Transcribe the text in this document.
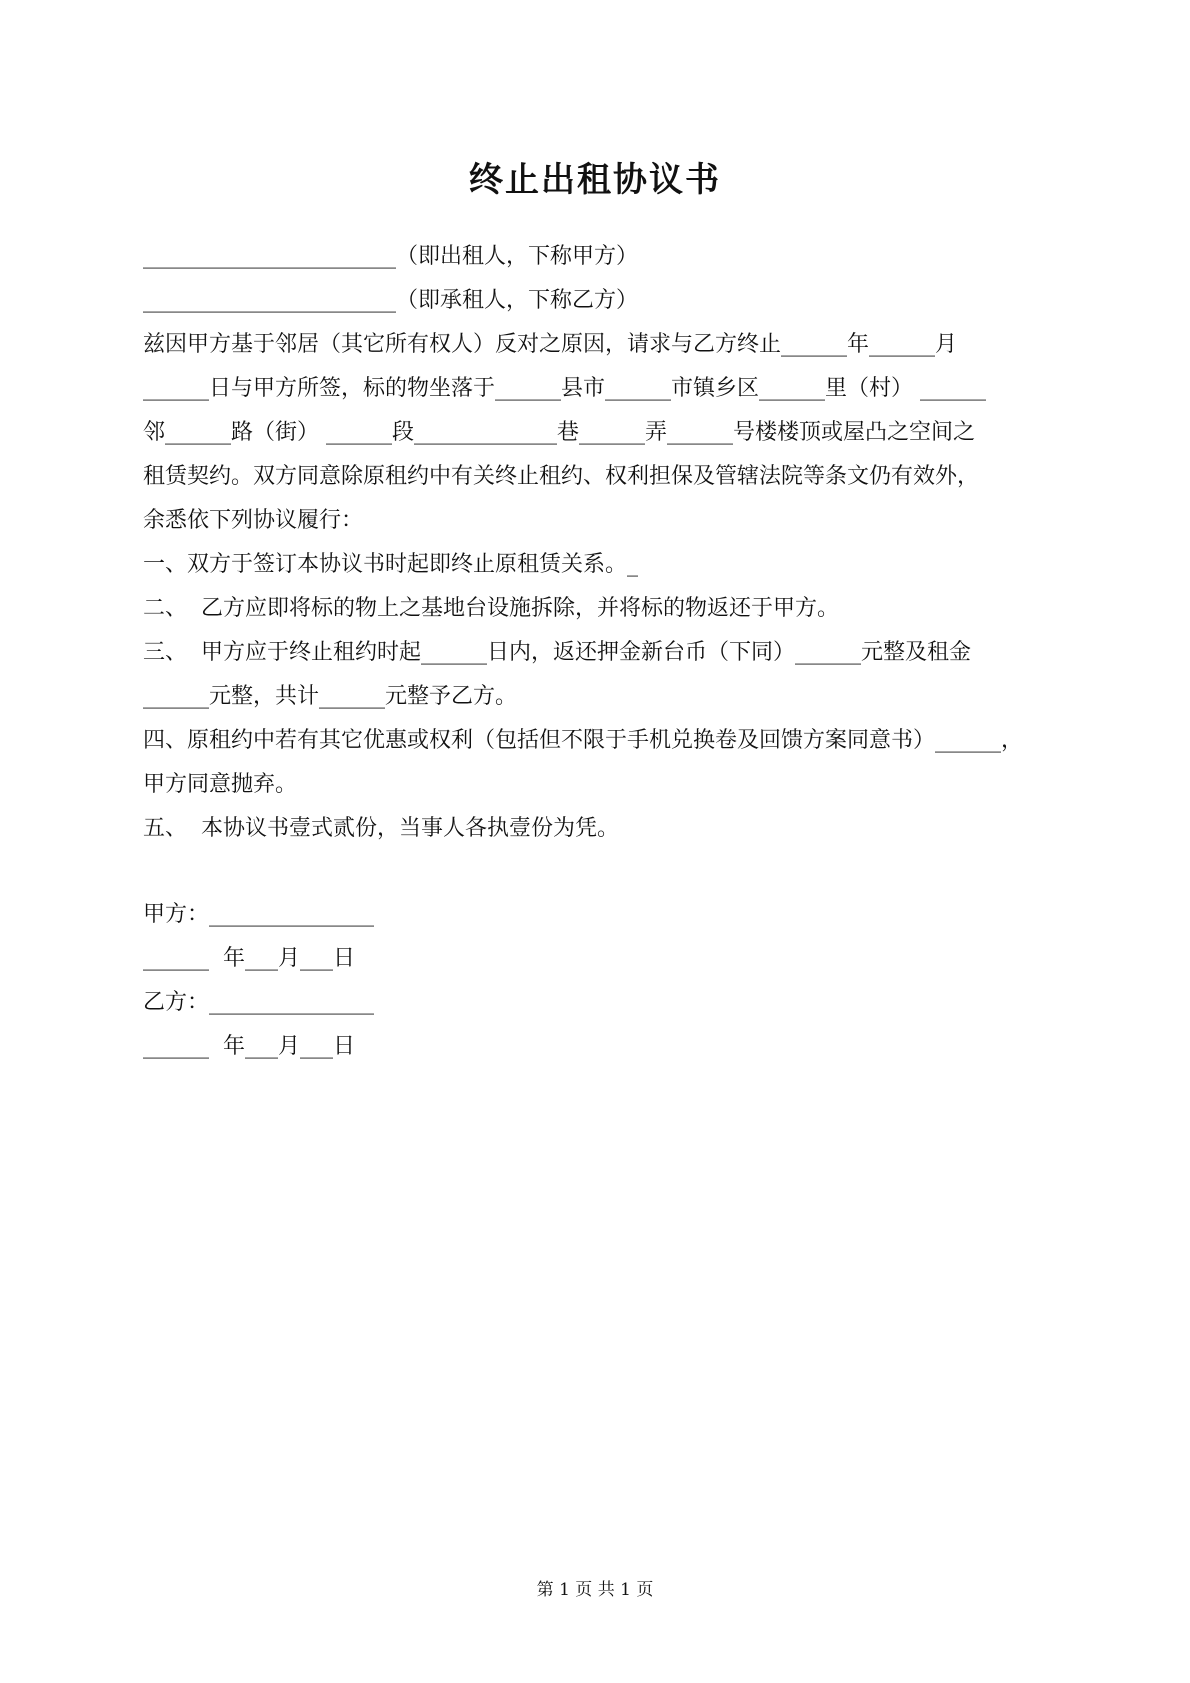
终止出租协议书
_______________________（即出租人，下称甲方）
_______________________（即承租人，下称乙方）
兹因甲方基于邻居（其它所有权人）反对之原因，请求与乙方终止______年______月
______日与甲方所签，标的物坐落于______县市______市镇乡区______里（村） ______
邻______路（街） ______段_____________巷______弄______号楼楼顶或屋凸之空间之
租赁契约。双方同意除原租约中有关终止租约、权利担保及管辖法院等条文仍有效外，
余悉依下列协议履行：
一、双方于签订本协议书时起即终止原租赁关系。_
二、  乙方应即将标的物上之基地台设施拆除，并将标的物返还于甲方。
三、  甲方应于终止租约时起______日内，返还押金新台币（下同）______元整及租金
______元整，共计______元整予乙方。
四、原租约中若有其它优惠或权利（包括但不限于手机兑换卷及回馈方案同意书）______，
甲方同意抛弃。
五、  本协议书壹式贰份，当事人各执壹份为凭。
甲方：_______________
______  年___月___日
乙方：_______________
______  年___月___日
第 1 页 共 1 页
